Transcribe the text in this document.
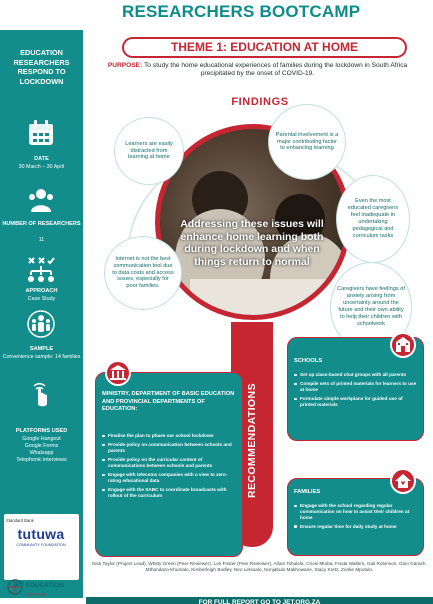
RESEARCHERS BOOTCAMP
EDUCATION RESEARCHERS RESPOND TO LOCKDOWN
DATE
30 March – 30 April
NUMBER OF RESEARCHERS
11
APPROACH
Case Study
SAMPLE
Convenience sample: 14 families
PLATFORMS USED
Google Hangout
Google Forms
Whatsapp
Telephonic interviews
Standard Bank
tutuwa
COMMUNITY FOUNDATION
THEME 1: EDUCATION AT HOME
PURPOSE: To study the home educational experiences of families during the lockdown in South Africa precipitated by the onset of COVID-19.
FINDINGS
Addressing these issues will enhance home learning both during lockdown and when things return to normal
Learners are easily distracted from learning at home
Parental involvement is a major contributing factor to enhancing learning
Even the most educated caregivers feel inadequate in undertaking pedagogical and curriculum tasks
Internet is not the best communication tool due to data costs and access issues, especially for poor families.	Caregivers have feelings of anxiety arising from uncertainty around the future and their own ability to help their children with schoolwork
RECOMMENDATIONS
MINISTRY, DEPARTMENT OF BASIC EDUCATION AND PROVINCIAL DEPARTMENTS OF EDUCATION:
Finalise the plan to phase our school lockdown
Provide policy on communication between schools and parents
Provide policy on the curricular content of communications between schools and parents
Engage with telecoms companies with a view to zero-rating educational data
Engage with the SABC to coordinate broadcasts with rollout of the curriculum
SCHOOLS
Set up class-based chat groups with all parents
Compile sets of printed materials for learners to use at home
Formulate simple workplans for guided use of printed materials
FAMILIES
Engage with the school regarding regular communication on how to assist their children at home
Ensure regular time for daily study at home
Nick Taylor (Project Lead), Whitty Green (Peer Reviewer), Lori Foster (Peer Reviewer), Aifani Tshulela, Chosi Mtoba, Freda Walters, Gail Robinson, Gino Garach, Mthandazo Khumalo, Kimberleigh Bodley, Neo Letsoalo, Nonjabulo Makhowane, Stacy Kretz, Zonke Mpotulo.
JET EDUCATION
SERVICES
FOR FULL REPORT GO TO JET.ORG.ZA
